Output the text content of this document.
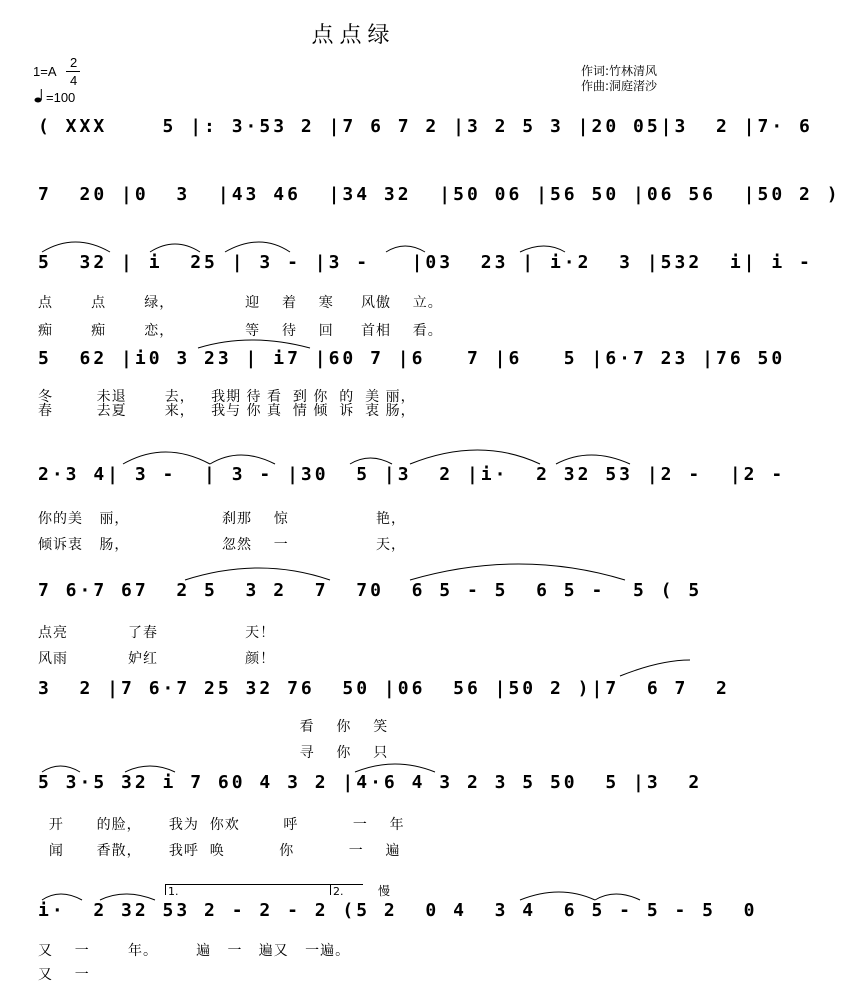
点点绿
1=A
2
4
=100
作词:竹林清风
作曲:洞庭渚沙
( XXX    5 |: 3·53 2 |7 6 7 2 |3 2 5 3 |20 05|3  2 |7· 6
7  20 |0  3  |43 46  |34 32  |50 06 |56 50 |06 56  |50 2 )
5  32 | i  25 | 3 - |3 -   |03  23 | i·2  3 |532  i| i -
点       点       绿，             迎    着    寒     风傲    立。
痴       痴       恋，             等    待    回     首相    看。
5  62 |i0 3 23 | i7 |60 7 |6   7 |6   5 |6·7 23 |76 50
冬        未退       去，   我期 待 看  到 你  的  美 丽，
春        去夏       来，   我与 你 真  情 倾  诉  衷 肠，
2·3 4| 3 -  | 3 - |30  5 |3  2 |i·  2 32 53 |2 -  |2 -
你的美   丽，                 刹那    惊                艳，
倾诉衷   肠，                 忽然    一                天，
7 6·7 67  2 5  3 2  7  70  6 5 - 5  6 5 -  5 ( 5
点亮           了春                天！
风雨           妒红                颜！
3  2 |7 6·7 25 32 76  50 |06  56 |50 2 )|7  6 7  2
看    你    笑
寻    你    只
5 3·5 32 i 7 60 4 3 2 |4·6 4 3 2 3 5 50  5 |3  2
开      的脸，     我为  你欢        呼          一    年
闻      香散，     我呼  唤          你          一    遍
1.	2.	慢
i·  2 32 53 2 - 2 - 2 (5 2  0 4  3 4  6 5 - 5 - 5  0
又    一       年。       遍   一   遍又   一遍。
又    一
